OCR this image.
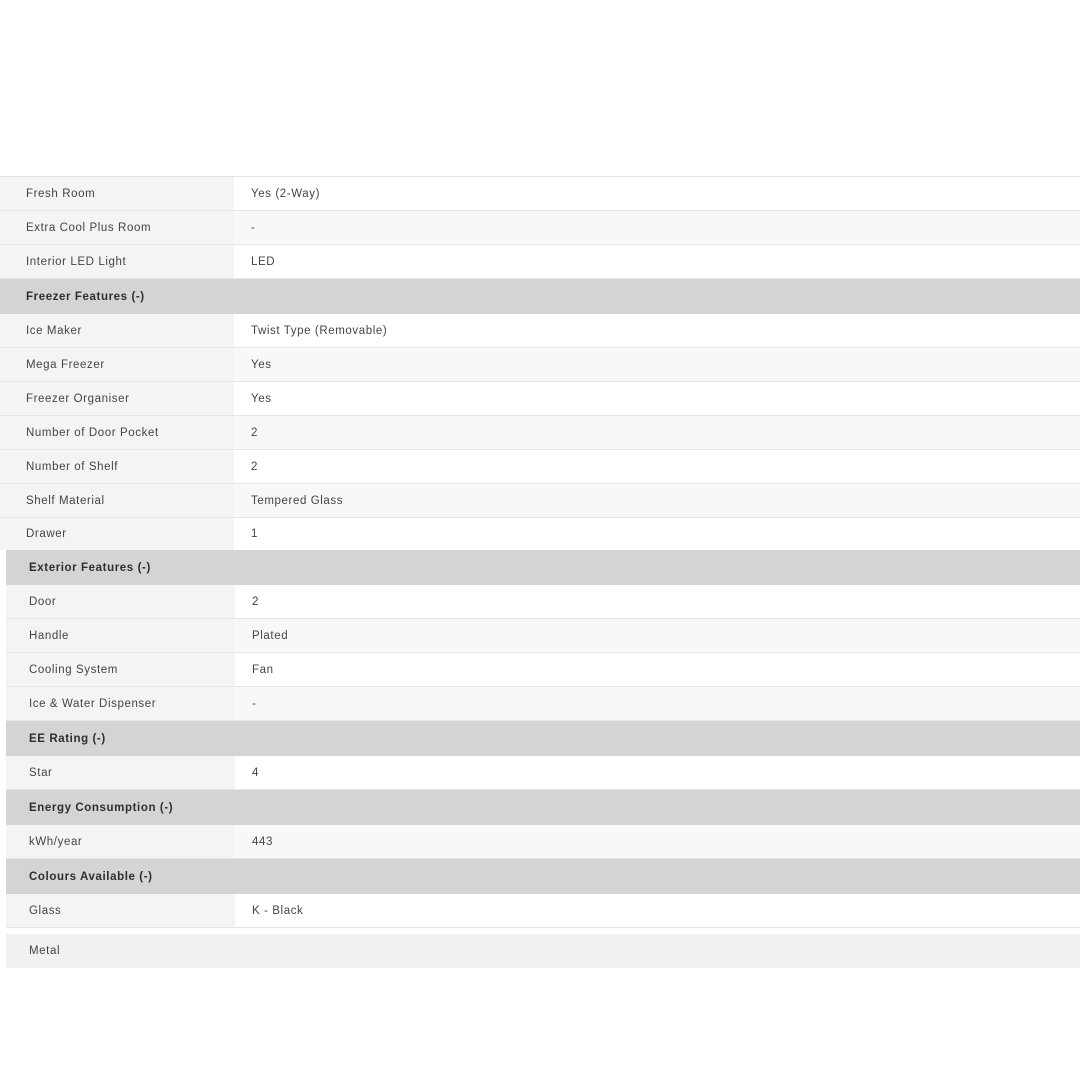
Fresh Room	Yes (2-Way)
Extra Cool Plus Room	-
Interior LED Light	LED
Freezer Features (-)
Ice Maker	Twist Type (Removable)
Mega Freezer	Yes
Freezer Organiser	Yes
Number of Door Pocket	2
Number of Shelf	2
Shelf Material	Tempered Glass
Drawer	1
Exterior Features (-)
Door	2
Handle	Plated
Cooling System	Fan
Ice & Water Dispenser	-
EE Rating (-)
Star	4
Energy Consumption (-)
kWh/year	443
Colours Available (-)
Glass	K - Black
Metal
